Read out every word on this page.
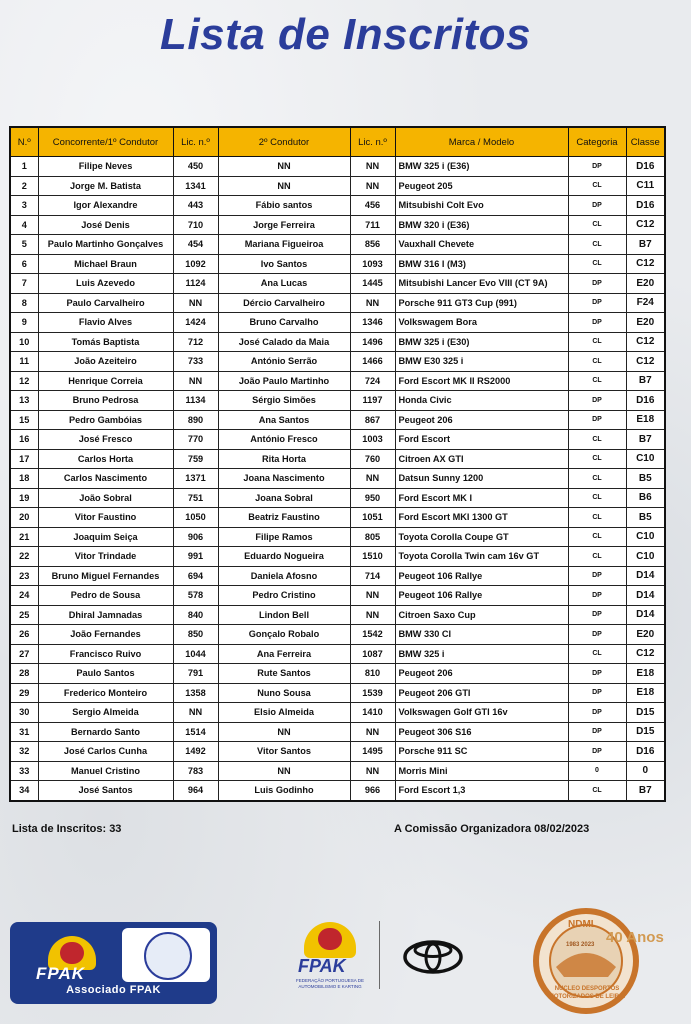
Lista de Inscritos
N.º	Concorrente/1º Condutor	Lic. n.º	2º Condutor	Lic. n.º	Marca / Modelo	Categoria	Classe
1	Filipe Neves	450	NN	NN	BMW 325 i (E36)	DP	D16
2	Jorge M. Batista	1341	NN	NN	Peugeot 205	CL	C11
3	Igor Alexandre	443	Fábio santos	456	Mitsubishi Colt Evo	DP	D16
4	José Denis	710	Jorge Ferreira	711	BMW 320 i (E36)	CL	C12
5	Paulo Martinho Gonçalves	454	Mariana Figueiroa	856	Vauxhall Chevete	CL	B7
6	Michael Braun	1092	Ivo Santos	1093	BMW 316 I (M3)	CL	C12
7	Luis Azevedo	1124	Ana Lucas	1445	Mitsubishi Lancer Evo VIII (CT 9A)	DP	E20
8	Paulo Carvalheiro	NN	Dércio Carvalheiro	NN	Porsche 911 GT3 Cup (991)	DP	F24
9	Flavio Alves	1424	Bruno Carvalho	1346	Volkswagem Bora	DP	E20
10	Tomás Baptista	712	José Calado da Maia	1496	BMW 325 i (E30)	CL	C12
11	João Azeiteiro	733	António Serrão	1466	BMW E30 325 i	CL	C12
12	Henrique Correia	NN	João Paulo Martinho	724	Ford Escort MK II RS2000	CL	B7
13	Bruno Pedrosa	1134	Sérgio Simões	1197	Honda Civic	DP	D16
15	Pedro Gambóias	890	Ana Santos	867	Peugeot 206	DP	E18
16	José Fresco	770	António Fresco	1003	Ford Escort	CL	B7
17	Carlos Horta	759	Rita Horta	760	Citroen AX GTI	CL	C10
18	Carlos Nascimento	1371	Joana Nascimento	NN	Datsun Sunny 1200	CL	B5
19	João Sobral	751	Joana Sobral	950	Ford Escort MK I	CL	B6
20	Vitor Faustino	1050	Beatriz Faustino	1051	Ford Escort MKI 1300 GT	CL	B5
21	Joaquim Seiça	906	Filipe Ramos	805	Toyota Corolla Coupe GT	CL	C10
22	Vitor Trindade	991	Eduardo Nogueira	1510	Toyota Corolla Twin cam 16v GT	CL	C10
23	Bruno Miguel Fernandes	694	Daniela Afosno	714	Peugeot 106 Rallye	DP	D14
24	Pedro de Sousa	578	Pedro Cristino	NN	Peugeot 106 Rallye	DP	D14
25	Dhiral Jamnadas	840	Lindon Bell	NN	Citroen Saxo Cup	DP	D14
26	João Fernandes	850	Gonçalo Robalo	1542	BMW 330 CI	DP	E20
27	Francisco Ruivo	1044	Ana Ferreira	1087	BMW 325 i	CL	C12
28	Paulo Santos	791	Rute Santos	810	Peugeot 206	DP	E18
29	Frederico Monteiro	1358	Nuno Sousa	1539	Peugeot 206 GTI	DP	E18
30	Sergio Almeida	NN	Elsio Almeida	1410	Volkswagen Golf GTI 16v	DP	D15
31	Bernardo Santo	1514	NN	NN	Peugeot 306 S16	DP	D15
32	José Carlos Cunha	1492	Vitor Santos	1495	Porsche 911 SC	DP	D16
33	Manuel Cristino	783	NN	NN	Morris Mini	0	0
34	José Santos	964	Luis Godinho	966	Ford Escort 1,3	CL	B7
Lista de Inscritos: 33	A Comissão Organizadora 08/02/2023
FPAK
Associado FPAK
FPAK
FEDERAÇÃO PORTUGUESA DE AUTOMOBILISMO E KARTING
NDML
1983 2023 40 Anos
NUCLEO DESPORTOS MOTORIZADOS DE LEIRIA
